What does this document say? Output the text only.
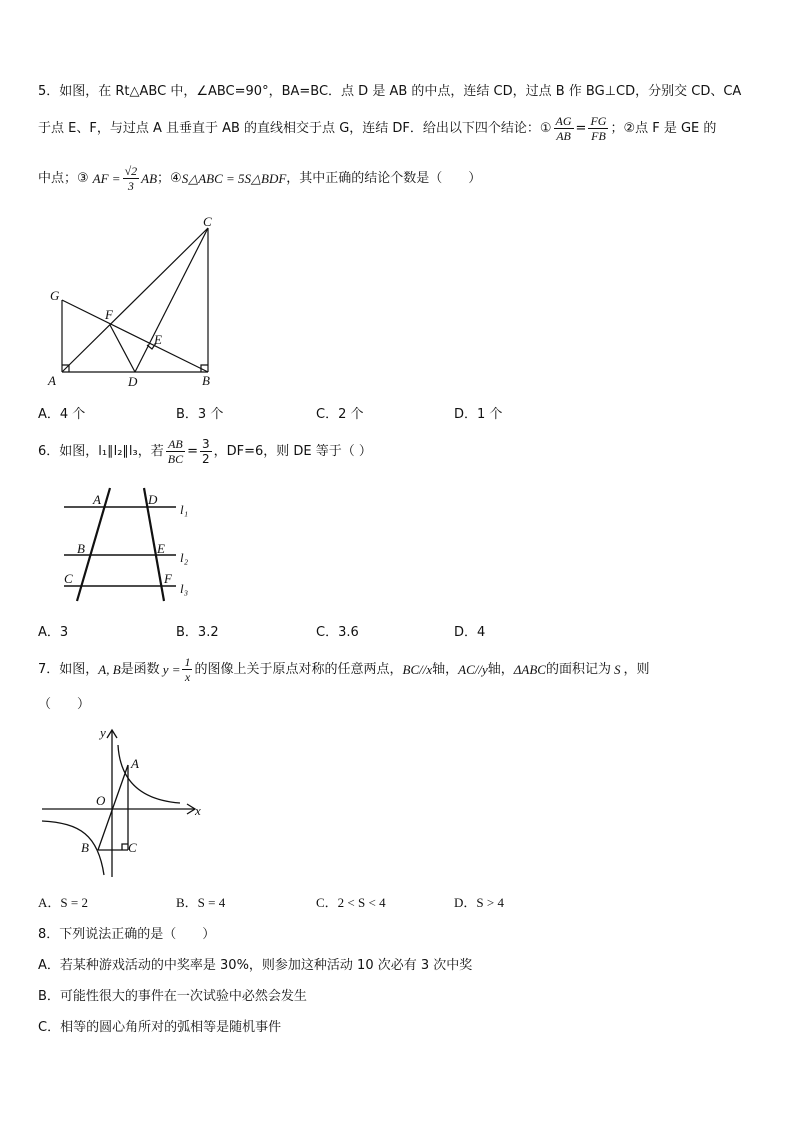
5．如图，在 Rt△ABC 中，∠ABC=90°，BA=BC．点 D 是 AB 的中点，连结 CD，过点 B 作 BG⊥CD，分别交 CD、CA
于点 E、F，与过点 A 且垂直于 AB 的直线相交于点 G，连结 DF．给出以下四个结论：① $\frac{AG}{AB} = \frac{FG}{FB}$ ；②点 F 是 GE 的
中点；③ AF = $\frac{√2}{3}$ AB ；④ S△ABC = 5S△BDF ，其中正确的结论个数是（　　）
C
G
F
E
A	D	B
A．4 个	B．3 个	C．2 个	D．1 个
6．如图，l₁∥l₂∥l₃，若 $\frac{AB}{BC} = \frac{3}{2}$ ，DF=6，则 DE 等于（ ）
A	D
l₁
B	E
l₂
C	F
l₃
A．3	B．3.2	C．3.6	D．4
7．如图， A, B 是函数 $y = \frac{1}{x}$ 的图像上关于原点对称的任意两点， BC//x 轴， AC//y 轴， ΔABC 的面积记为 S ，则
（　　）
y
x
O
A
B	C
A．S = 2	B．S = 4	C．2 < S < 4	D．S > 4
8．下列说法正确的是（　　）
A．若某种游戏活动的中奖率是 30%，则参加这种活动 10 次必有 3 次中奖
B．可能性很大的事件在一次试验中必然会发生
C．相等的圆心角所对的弧相等是随机事件
